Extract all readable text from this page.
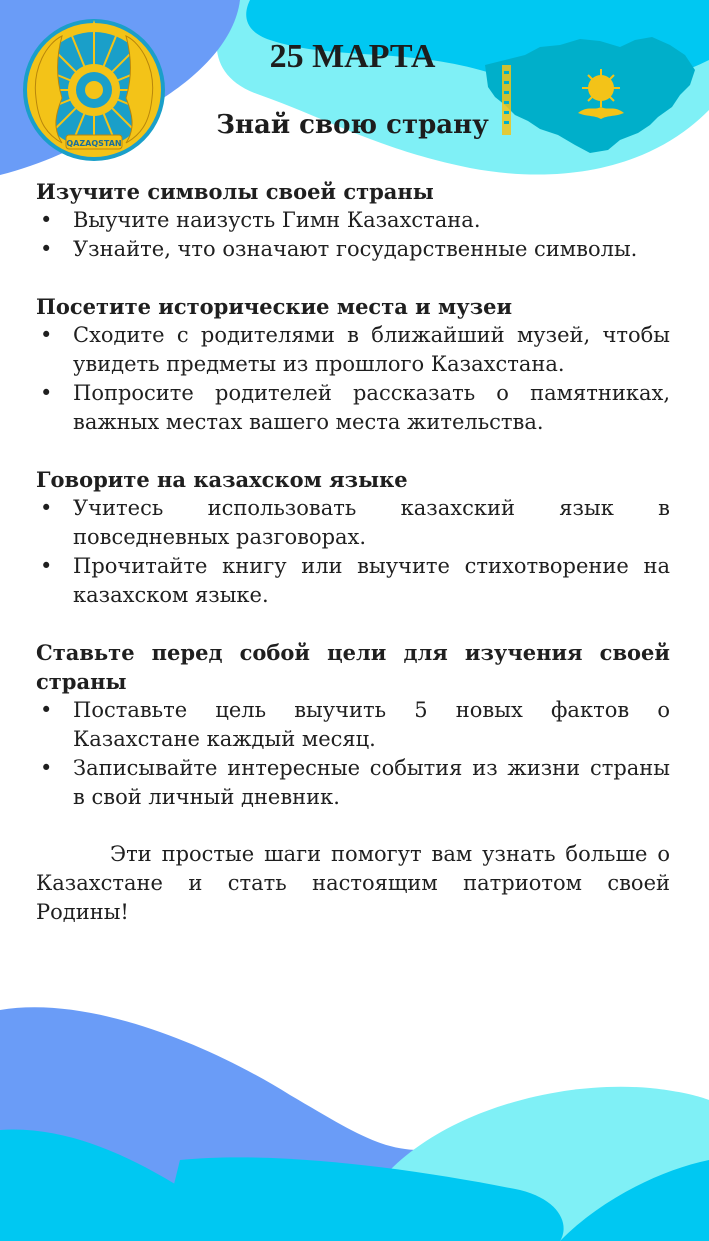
QAZAQSTAN
25 МАРТА
Знай свою страну
Изучите символы своей страны
• Выучите наизусть Гимн Казахстана.
• Узнайте, что означают государственные символы.
Посетите исторические места и музеи
• Сходите с родителями в ближайший музей, чтобы увидеть предметы из прошлого Казахстана.
• Попросите родителей рассказать о памятниках, важных местах вашего места жительства.
Говорите на казахском языке
• Учитесь использовать казахский язык в повседневных разговорах.
• Прочитайте книгу или выучите стихотворение на казахском языке.
Ставьте перед собой цели для изучения своей страны
• Поставьте цель выучить 5 новых фактов о Казахстане каждый месяц.
• Записывайте интересные события из жизни страны в свой личный дневник.

Эти простые шаги помогут вам узнать больше о Казахстане и стать настоящим патриотом своей Родины!
